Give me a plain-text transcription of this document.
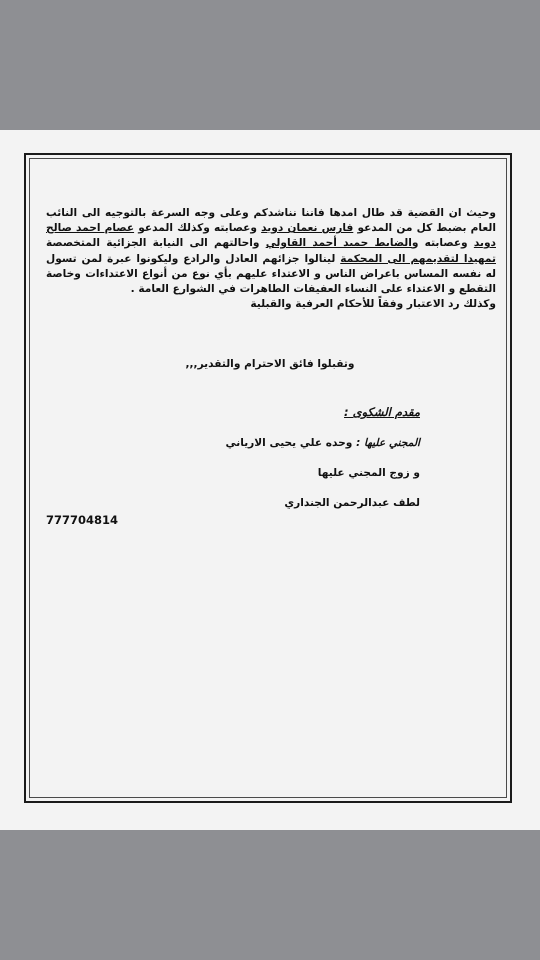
وحيث ان القضية قد طال امدها فاننا نناشدكم وعلى وجه السرعة بالتوجيه الى النائب العام بضبط كل من المدعو فارس نعمان دويد وعصابته وكذلك المدعو عصام احمد صالح دويد وعصابته والضابط حميد أحمد القاولي واحالتهم الى النيابة الجزائية المتخصصة تمهيدا لتقديمهم الى المحكمة لينالوا جزائهم العادل والرادع وليكونوا عبرة لمن تسول له نفسه المساس باعراض الناس و الاعتداء عليهم بأي نوع من أنواع الاعتداءات وخاصة التقطع و الاعتداء على النساء العفيفات الطاهرات في الشوارع العامة .

وكذلك رد الاعتبار وفقاً للأحكام العرفية والقبلية

وتقبلوا فائق الاحترام والتقدير,,,

مقدم الشكوى :

المجني عليها : وحده علي يحيى الارياني

و زوج المجني عليها

لطف عبدالرحمن الجنداري

777704814
